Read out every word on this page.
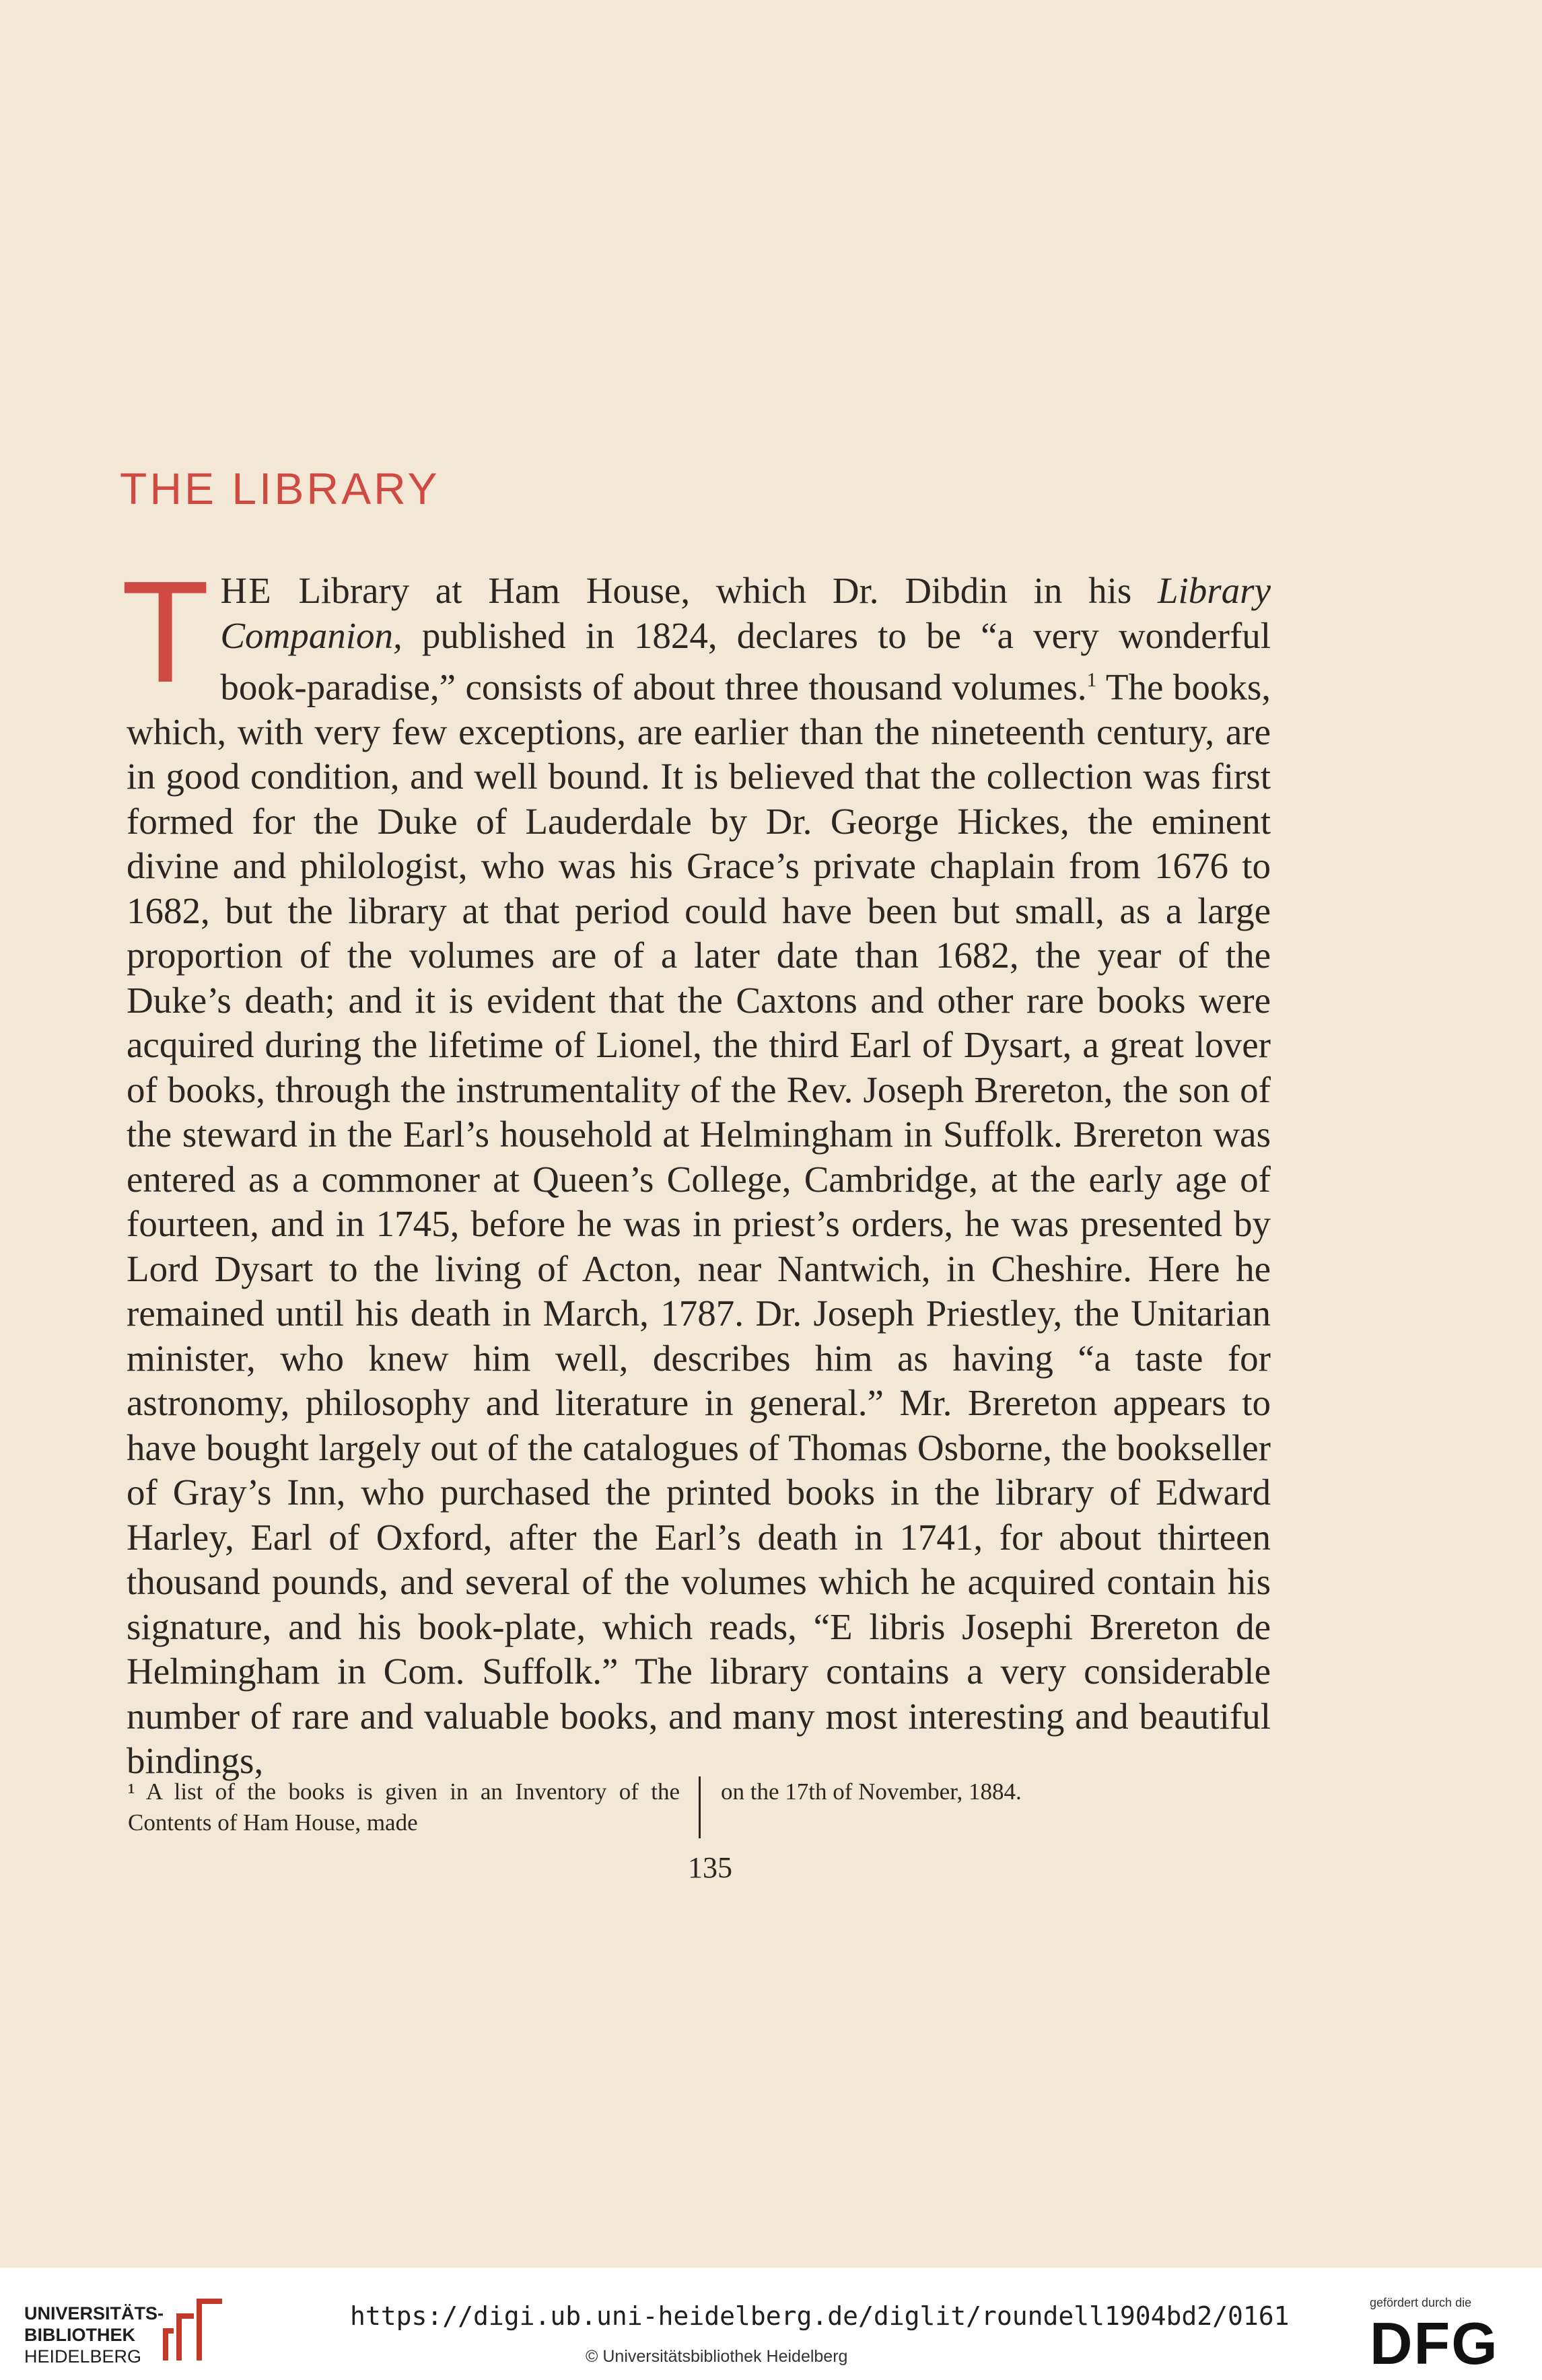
THE LIBRARY
THE Library at Ham House, which Dr. Dibdin in his Library Companion, published in 1824, declares to be “a very wonderful book-paradise,” consists of about three thousand volumes.$^1$ The books, which, with very few exceptions, are earlier than the nineteenth century, are in good condition, and well bound. It is believed that the collection was first formed for the Duke of Lauderdale by Dr. George Hickes, the eminent divine and philologist, who was his Grace’s private chaplain from 1676 to 1682, but the library at that period could have been but small, as a large proportion of the volumes are of a later date than 1682, the year of the Duke’s death; and it is evident that the Caxtons and other rare books were acquired during the lifetime of Lionel, the third Earl of Dysart, a great lover of books, through the instrumentality of the Rev. Joseph Brereton, the son of the steward in the Earl’s household at Helmingham in Suffolk. Brereton was entered as a commoner at Queen’s College, Cambridge, at the early age of fourteen, and in 1745, before he was in priest’s orders, he was presented by Lord Dysart to the living of Acton, near Nantwich, in Cheshire. Here he remained until his death in March, 1787. Dr. Joseph Priestley, the Unitarian minister, who knew him well, describes him as having “a taste for astronomy, philosophy and literature in general.” Mr. Brereton appears to have bought largely out of the catalogues of Thomas Osborne, the bookseller of Gray’s Inn, who purchased the printed books in the library of Edward Harley, Earl of Oxford, after the Earl’s death in 1741, for about thirteen thousand pounds, and several of the volumes which he acquired contain his signature, and his book-plate, which reads, “E libris Josephi Brereton de Helmingham in Com. Suffolk.” The library contains a very considerable number of rare and valuable books, and many most interesting and beautiful bindings,
¹ A list of the books is given in an Inventory of the Contents of Ham House, made
on the 17th of November, 1884.
135
UNIVERSITÄTS-
BIBLIOTHEK
HEIDELBERG
https://digi.ub.uni-heidelberg.de/diglit/roundell1904bd2/0161
© Universitätsbibliothek Heidelberg
gefördert durch die
DFG
